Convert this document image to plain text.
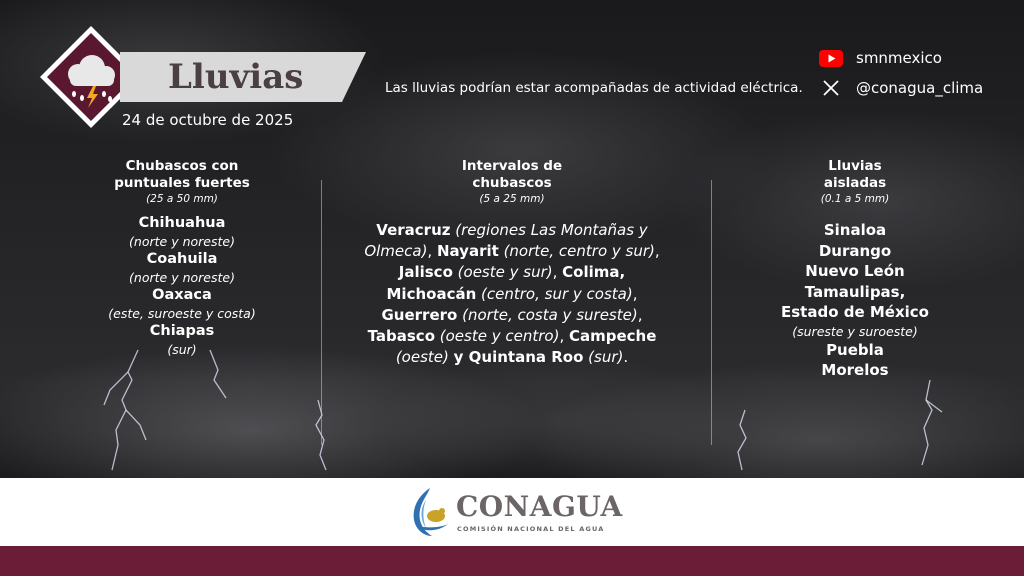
Lluvias
24 de octubre de 2025
Las lluvias podrían estar acompañadas de actividad eléctrica.
smnmexico
@conagua_clima
Chubascos con
puntuales fuertes
(25 a 50 mm)
Chihuahua
(norte y noreste)
Coahuila
(norte y noreste)
Oaxaca
(este, suroeste y costa)
Chiapas
(sur)
Intervalos de
chubascos
(5 a 25 mm)
Veracruz (regiones Las Montañas y Olmeca), Nayarit (norte, centro y sur), Jalisco (oeste y sur), Colima, Michoacán (centro, sur y costa), Guerrero (norte, costa y sureste), Tabasco (oeste y centro), Campeche (oeste) y Quintana Roo (sur).
Lluvias
aisladas
(0.1 a 5 mm)
Sinaloa
Durango
Nuevo León
Tamaulipas,
Estado de México
(sureste y suroeste)
Puebla
Morelos
CONAGUA
COMISIÓN NACIONAL DEL AGUA
